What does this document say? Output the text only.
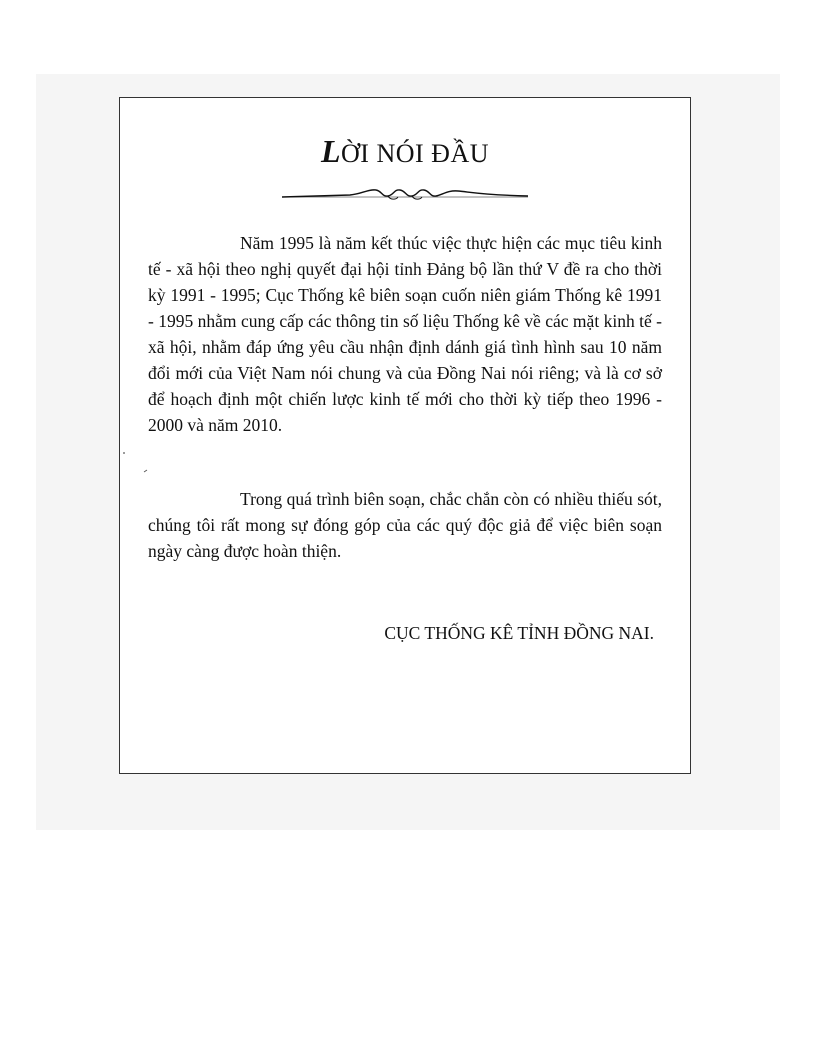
LỜI NÓI ĐẦU

Năm 1995 là năm kết thúc việc thực hiện các mục tiêu kinh tế - xã hội theo nghị quyết đại hội tỉnh Đảng bộ lần thứ V đề ra cho thời kỳ 1991 - 1995; Cục Thống kê biên soạn cuốn niên giám Thống kê 1991 - 1995 nhằm cung cấp các thông tin số liệu Thống kê về các mặt kinh tế - xã hội, nhằm đáp ứng yêu cầu nhận định dánh giá tình hình sau 10 năm đổi mới của Việt Nam nói chung và của Đồng Nai nói riêng; và là cơ sở để hoạch định một chiến lược kinh tế mới cho thời kỳ tiếp theo 1996 - 2000 và năm 2010.

Trong quá trình biên soạn, chắc chắn còn có nhiều thiếu sót, chúng tôi rất mong sự đóng góp của các quý độc giả để việc biên soạn ngày càng được hoàn thiện.

CỤC THỐNG KÊ TỈNH ĐỒNG NAI.
